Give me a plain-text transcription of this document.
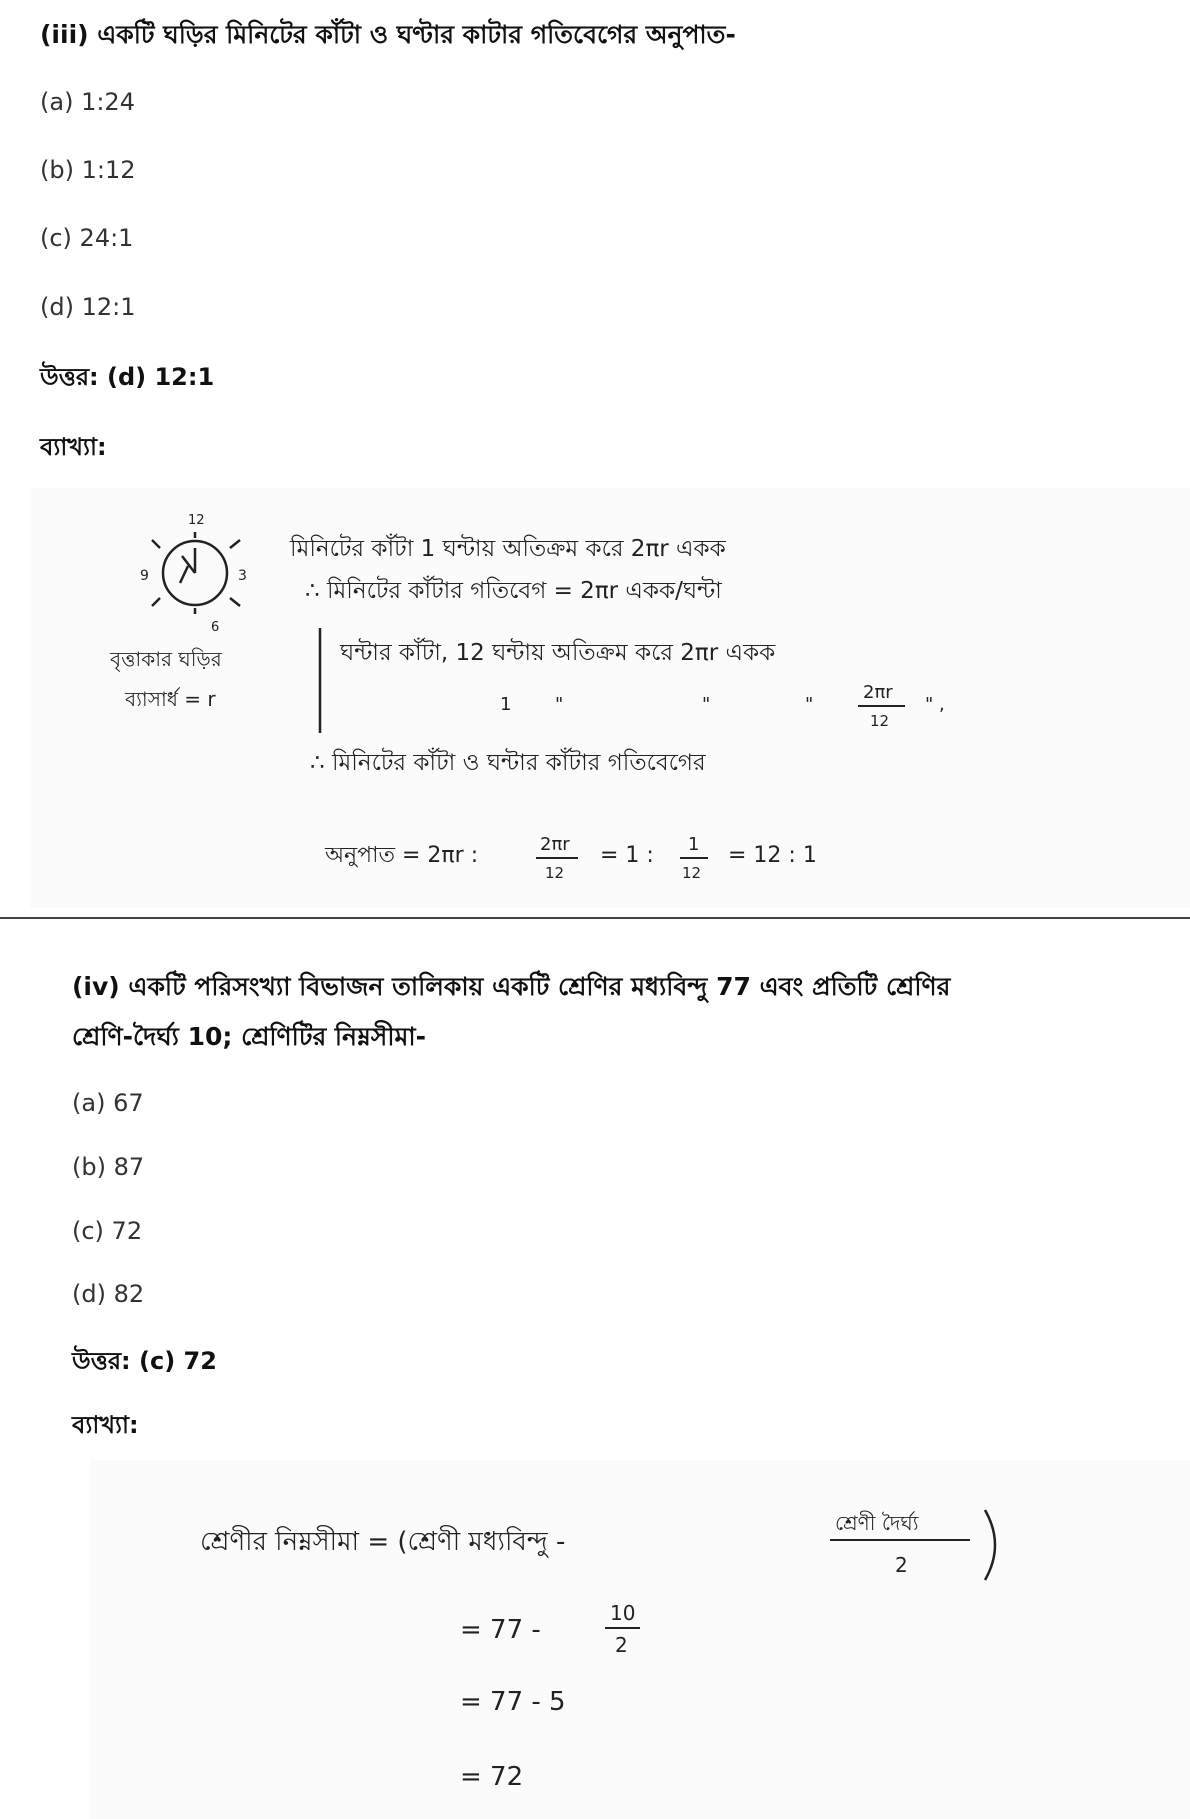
(iii) একটি ঘড়ির মিনিটের কাঁটা ও ঘণ্টার কাটার গতিবেগের অনুপাত-

(a) 1:24

(b) 1:12

(c) 24:1

(d) 12:1

উত্তর: (d) 12:1

ব্যাখ্যা:

12
9	3
6
মিনিটের কাঁটা 1 ঘন্টায় অতিক্রম করে 2πr একক
∴ মিনিটের কাঁটার গতিবেগ = 2πr একক/ঘন্টা
বৃত্তাকার ঘড়ির
ব্যাসার্ধ = r
ঘন্টার কাঁটা, 12 ঘন্টায় অতিক্রম করে 2πr একক
1 "	"	"
2πr
12
" ,
∴ মিনিটের কাঁটা ও ঘন্টার কাঁটার গতিবেগের
অনুপাত = 2πr :	2πr
12
= 1 : 1
12
= 12 : 1

(iv) একটি পরিসংখ্যা বিভাজন তালিকায় একটি শ্রেণির মধ্যবিন্দু 77 এবং প্রতিটি শ্রেণির

শ্রেণি-দৈর্ঘ্য 10; শ্রেণিটির নিম্নসীমা-

(a) 67

(b) 87

(c) 72

(d) 82

উত্তর: (c) 72

ব্যাখ্যা:

শ্রেণীর নিম্নসীমা = (শ্রেণী মধ্যবিন্দু -
শ্রেণী দৈর্ঘ্য
2
= 77 -
10
2
= 77 - 5
= 72
